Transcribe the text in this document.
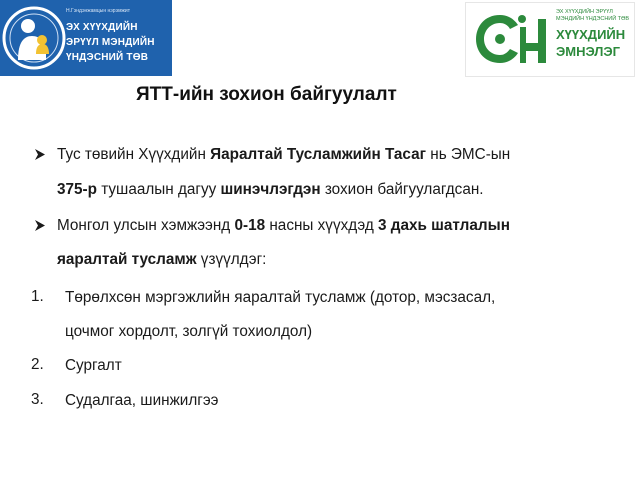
Н.Гэндэнжамцын нэрэмжит
ЭХ ХҮҮХДИЙН
ЭРҮҮЛ МЭНДИЙН
ҮНДЭСНИЙ ТӨВ
ЭХ ХҮҮХДИЙН ЭРҮҮЛ
МЭНДИЙН ҮНДЭСНИЙ ТӨВ
ХҮҮХДИЙН
ЭМНЭЛЭГ
ЯТТ-ийн зохион байгуулалт
Тус төвийн Хүүхдийн Яаралтай Тусламжийн Тасаг нь ЭМС-ын
375-р тушаалын дагуу шинэчлэгдэн зохион байгуулагдсан.
Монгол улсын хэмжээнд 0-18 насны хүүхдэд 3 дахь шатлалын
яаралтай тусламж үзүүлдэг:
1. Төрөлхсөн мэргэжлийн яаралтай тусламж (дотор, мэсзасал,
цочмог хордолт, золгүй тохиолдол)
2. Сургалт
3. Судалгаа, шинжилгээ
